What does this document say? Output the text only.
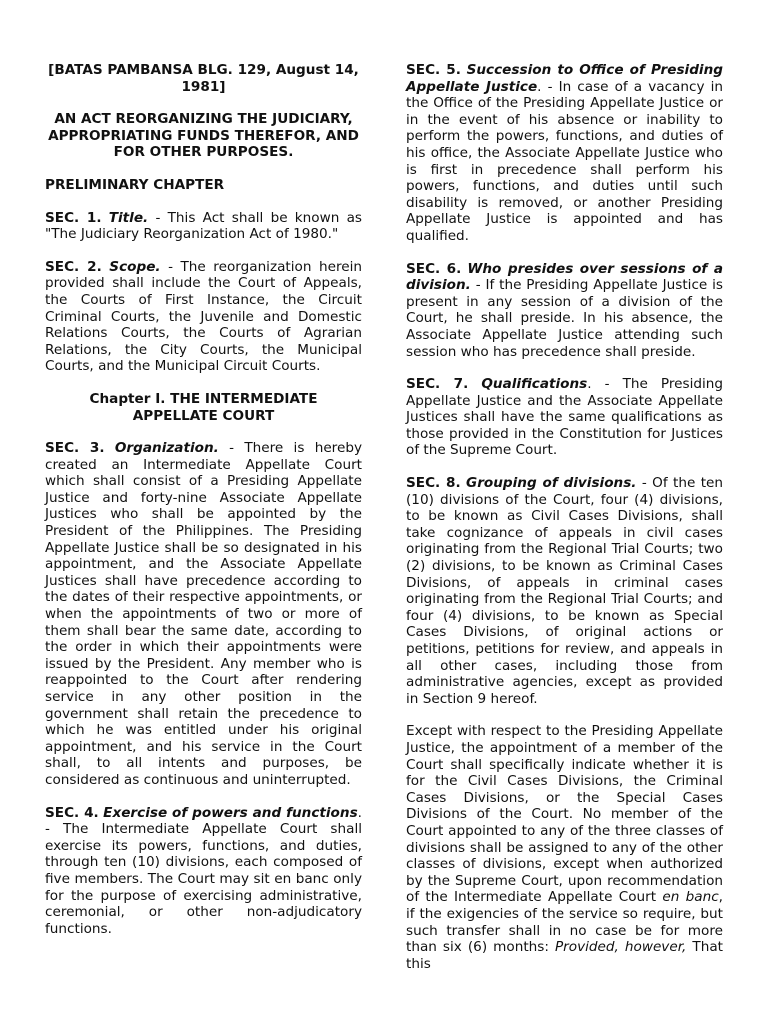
[BATAS PAMBANSA BLG. 129, August 14, 1981]

AN ACT REORGANIZING THE JUDICIARY, APPROPRIATING FUNDS THEREFOR, AND FOR OTHER PURPOSES.

PRELIMINARY CHAPTER

SEC. 1. Title. - This Act shall be known as "The Judiciary Reorganization Act of 1980."

SEC. 2. Scope. - The reorganization herein provided shall include the Court of Appeals, the Courts of First Instance, the Circuit Criminal Courts, the Juvenile and Domestic Relations Courts, the Courts of Agrarian Relations, the City Courts, the Municipal Courts, and the Municipal Circuit Courts.

Chapter I. THE INTERMEDIATE APPELLATE COURT

SEC. 3. Organization. - There is hereby created an Intermediate Appellate Court which shall consist of a Presiding Appellate Justice and forty-nine Associate Appellate Justices who shall be appointed by the President of the Philippines. The Presiding Appellate Justice shall be so designated in his appointment, and the Associate Appellate Justices shall have precedence according to the dates of their respective appointments, or when the appointments of two or more of them shall bear the same date, according to the order in which their appointments were issued by the President. Any member who is reappointed to the Court after rendering service in any other position in the government shall retain the precedence to which he was entitled under his original appointment, and his service in the Court shall, to all intents and purposes, be considered as continuous and uninterrupted.

SEC. 4. Exercise of powers and functions. - The Intermediate Appellate Court shall exercise its powers, functions, and duties, through ten (10) divisions, each composed of five members. The Court may sit en banc only for the purpose of exercising administrative, ceremonial, or other non-adjudicatory functions.

SEC. 5. Succession to Office of Presiding Appellate Justice. - In case of a vacancy in the Office of the Presiding Appellate Justice or in the event of his absence or inability to perform the powers, functions, and duties of his office, the Associate Appellate Justice who is first in precedence shall perform his powers, functions, and duties until such disability is removed, or another Presiding Appellate Justice is appointed and has qualified.

SEC. 6. Who presides over sessions of a division. - If the Presiding Appellate Justice is present in any session of a division of the Court, he shall preside. In his absence, the Associate Appellate Justice attending such session who has precedence shall preside.

SEC. 7. Qualifications. - The Presiding Appellate Justice and the Associate Appellate Justices shall have the same qualifications as those provided in the Constitution for Justices of the Supreme Court.

SEC. 8. Grouping of divisions. - Of the ten (10) divisions of the Court, four (4) divisions, to be known as Civil Cases Divisions, shall take cognizance of appeals in civil cases originating from the Regional Trial Courts; two (2) divisions, to be known as Criminal Cases Divisions, of appeals in criminal cases originating from the Regional Trial Courts; and four (4) divisions, to be known as Special Cases Divisions, of original actions or petitions, petitions for review, and appeals in all other cases, including those from administrative agencies, except as provided in Section 9 hereof.

Except with respect to the Presiding Appellate Justice, the appointment of a member of the Court shall specifically indicate whether it is for the Civil Cases Divisions, the Criminal Cases Divisions, or the Special Cases Divisions of the Court. No member of the Court appointed to any of the three classes of divisions shall be assigned to any of the other classes of divisions, except when authorized by the Supreme Court, upon recommendation of the Intermediate Appellate Court en banc, if the exigencies of the service so require, but such transfer shall in no case be for more than six (6) months: Provided, however, That this
